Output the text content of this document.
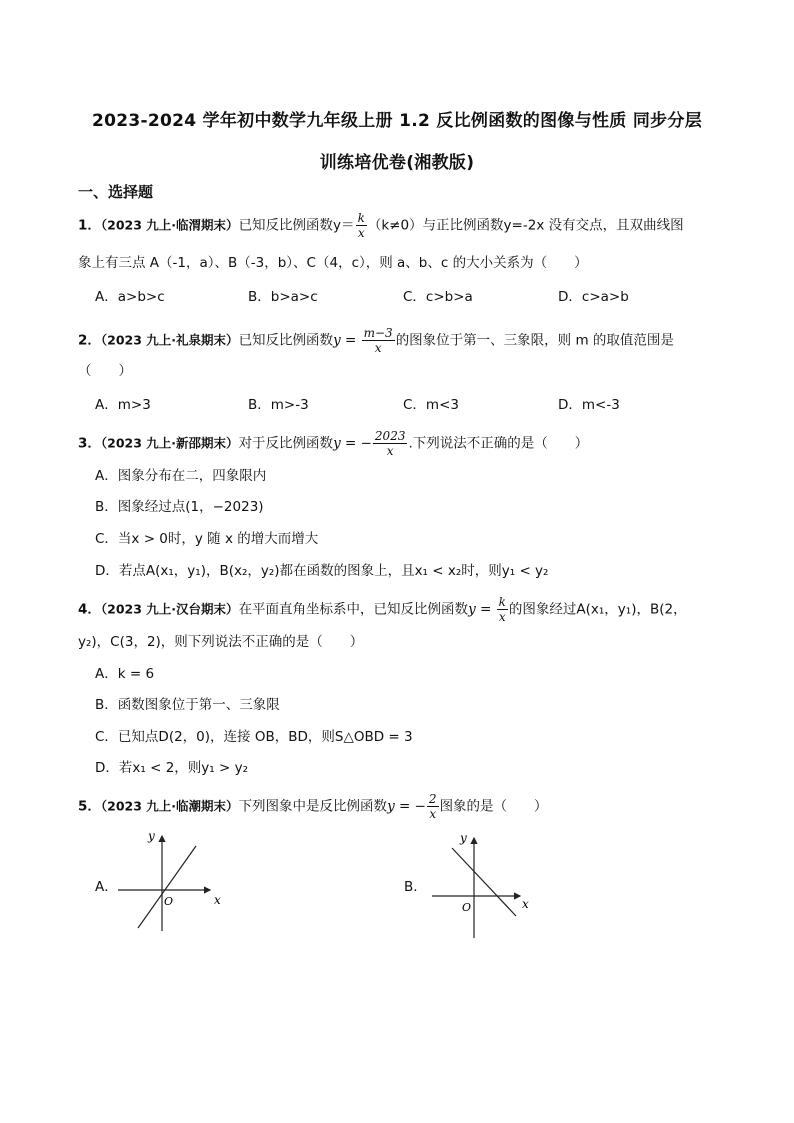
2023-2024 学年初中数学九年级上册 1.2 反比例函数的图像与性质 同步分层
训练培优卷(湘教版)
一、选择题
1．（2023 九上·临渭期末）已知反比例函数$y= \frac{k}{x} (k\ne 0)$与正比例函数y=-2x 没有交点，且双曲线图
象上有三点 A（-1，a）、B（-3，b）、C（4，c），则 a、b、c 的大小关系为（　　）
A．a>b>c	B．b>a>c	C．c>b>a	D．c>a>b
2．（2023 九上·礼泉期末）已知反比例函数$y = \frac{m-3}{x}$ 的图象位于第一、三象限，则 m 的取值范围是
（　　）
A．m>3	B．m>-3	C．m<3	D．m<-3
3．（2023 九上·新邵期末）对于反比例函数y = − $\frac{2023}{x}$ .下列说法不正确的是（　　）
A．图象分布在二，四象限内
B．图象经过点(1，−2023)
C．当x > 0时，y 随 x 的增大而增大
D．若点A(x₁，y₁)，B(x₂，y₂)都在函数的图象上，且x₁ < x₂时，则y₁ < y₂
4．（2023 九上·汉台期末）在平面直角坐标系中，已知反比例函数$y = \frac{k}{x}$ 的图象经过A(x₁，y₁)，B(2，
y₂)，C(3，2)，则下列说法不正确的是（　　）
A．k = 6
B．函数图象位于第一、三象限
C．已知点D(2，0)，连接 OB，BD，则S△OBD = 3
D．若x₁ < 2，则y₁ > y₂
5．（2023 九上·临潮期末）下列图象中是反比例函数y = − $\frac{2}{x}$ 图象的是（　　）
A．
x
y
O
B．
x
y
O
